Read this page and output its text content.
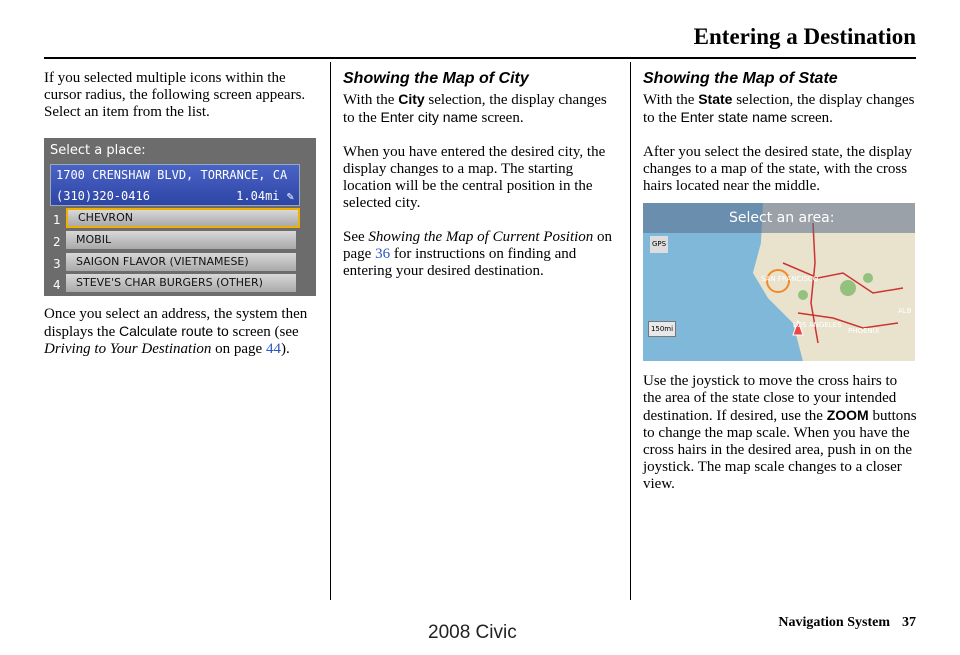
Entering a Destination

If you selected multiple icons within the cursor radius, the following screen appears. Select an item from the list.

Select a place:
1700 CRENSHAW BLVD, TORRANCE, CA
(310)320-0416	1.04mi ✎
1	CHEVRON
2	MOBIL
3	SAIGON FLAVOR (VIETNAMESE)
4	STEVE'S CHAR BURGERS (OTHER)

Once you select an address, the system then displays the Calculate route to screen (see Driving to Your Destination on page 44).

Showing the Map of City

With the City selection, the display changes to the Enter city name screen.

When you have entered the desired city, the display changes to a map. The starting location will be the central position in the selected city.

See Showing the Map of Current Position on page 36 for instructions on finding and entering your desired destination.

Showing the Map of State

With the State selection, the display changes to the Enter state name screen.

After you select the desired state, the display changes to a map of the state, with the cross hairs located near the middle.

Select an area:
SAN FRANCISCO
LOS ANGELES
PHOENIX
ALB
GPS
150mi

Use the joystick to move the cross hairs to the area of the state close to your intended destination. If desired, use the ZOOM buttons to change the map scale. When you have the cross hairs in the desired area, push in on the joystick. The map scale changes to a closer view.

Navigation System 37
2008 Civic
